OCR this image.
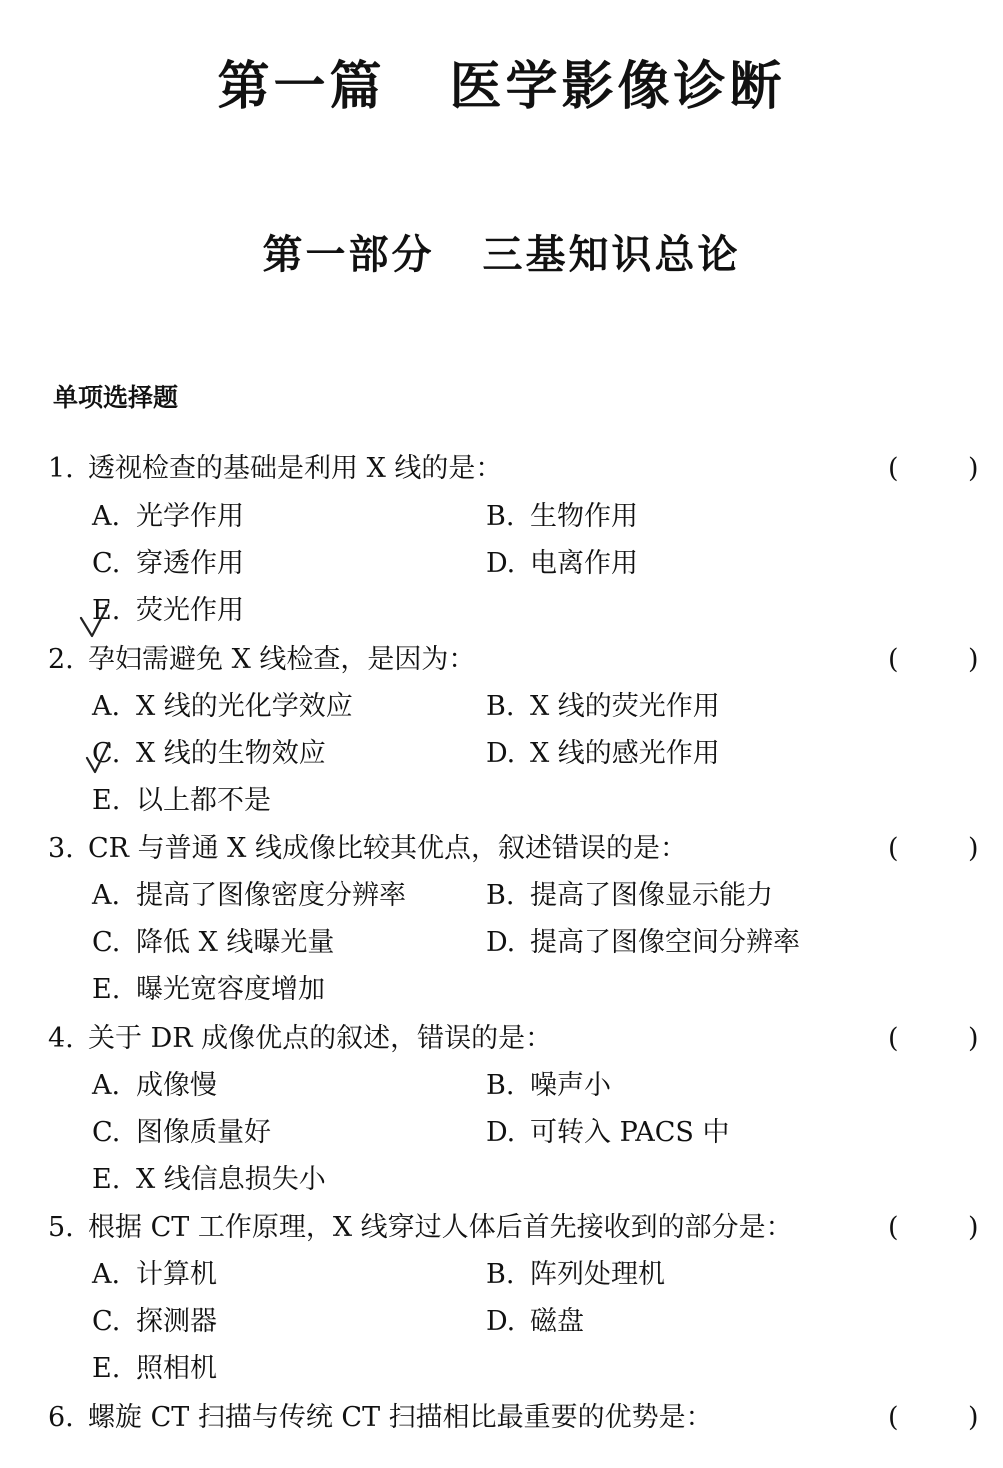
第一篇 医学影像诊断
第一部分 三基知识总论
单项选择题
1. 透视检查的基础是利用 X 线的是：	(	)
A. 光学作用	B. 生物作用
C. 穿透作用	D. 电离作用
E. 荧光作用
2. 孕妇需避免 X 线检查，是因为：	(	)
A. X 线的光化学效应	B. X 线的荧光作用
C. X 线的生物效应	D. X 线的感光作用
E. 以上都不是
3. CR 与普通 X 线成像比较其优点，叙述错误的是：	(	)
A. 提高了图像密度分辨率	B. 提高了图像显示能力
C. 降低 X 线曝光量	D. 提高了图像空间分辨率
E. 曝光宽容度增加
4. 关于 DR 成像优点的叙述，错误的是：	(	)
A. 成像慢	B. 噪声小
C. 图像质量好	D. 可转入 PACS 中
E. X 线信息损失小
5. 根据 CT 工作原理，X 线穿过人体后首先接收到的部分是：	(	)
A. 计算机	B. 阵列处理机
C. 探测器	D. 磁盘
E. 照相机
6. 螺旋 CT 扫描与传统 CT 扫描相比最重要的优势是：	(	)
